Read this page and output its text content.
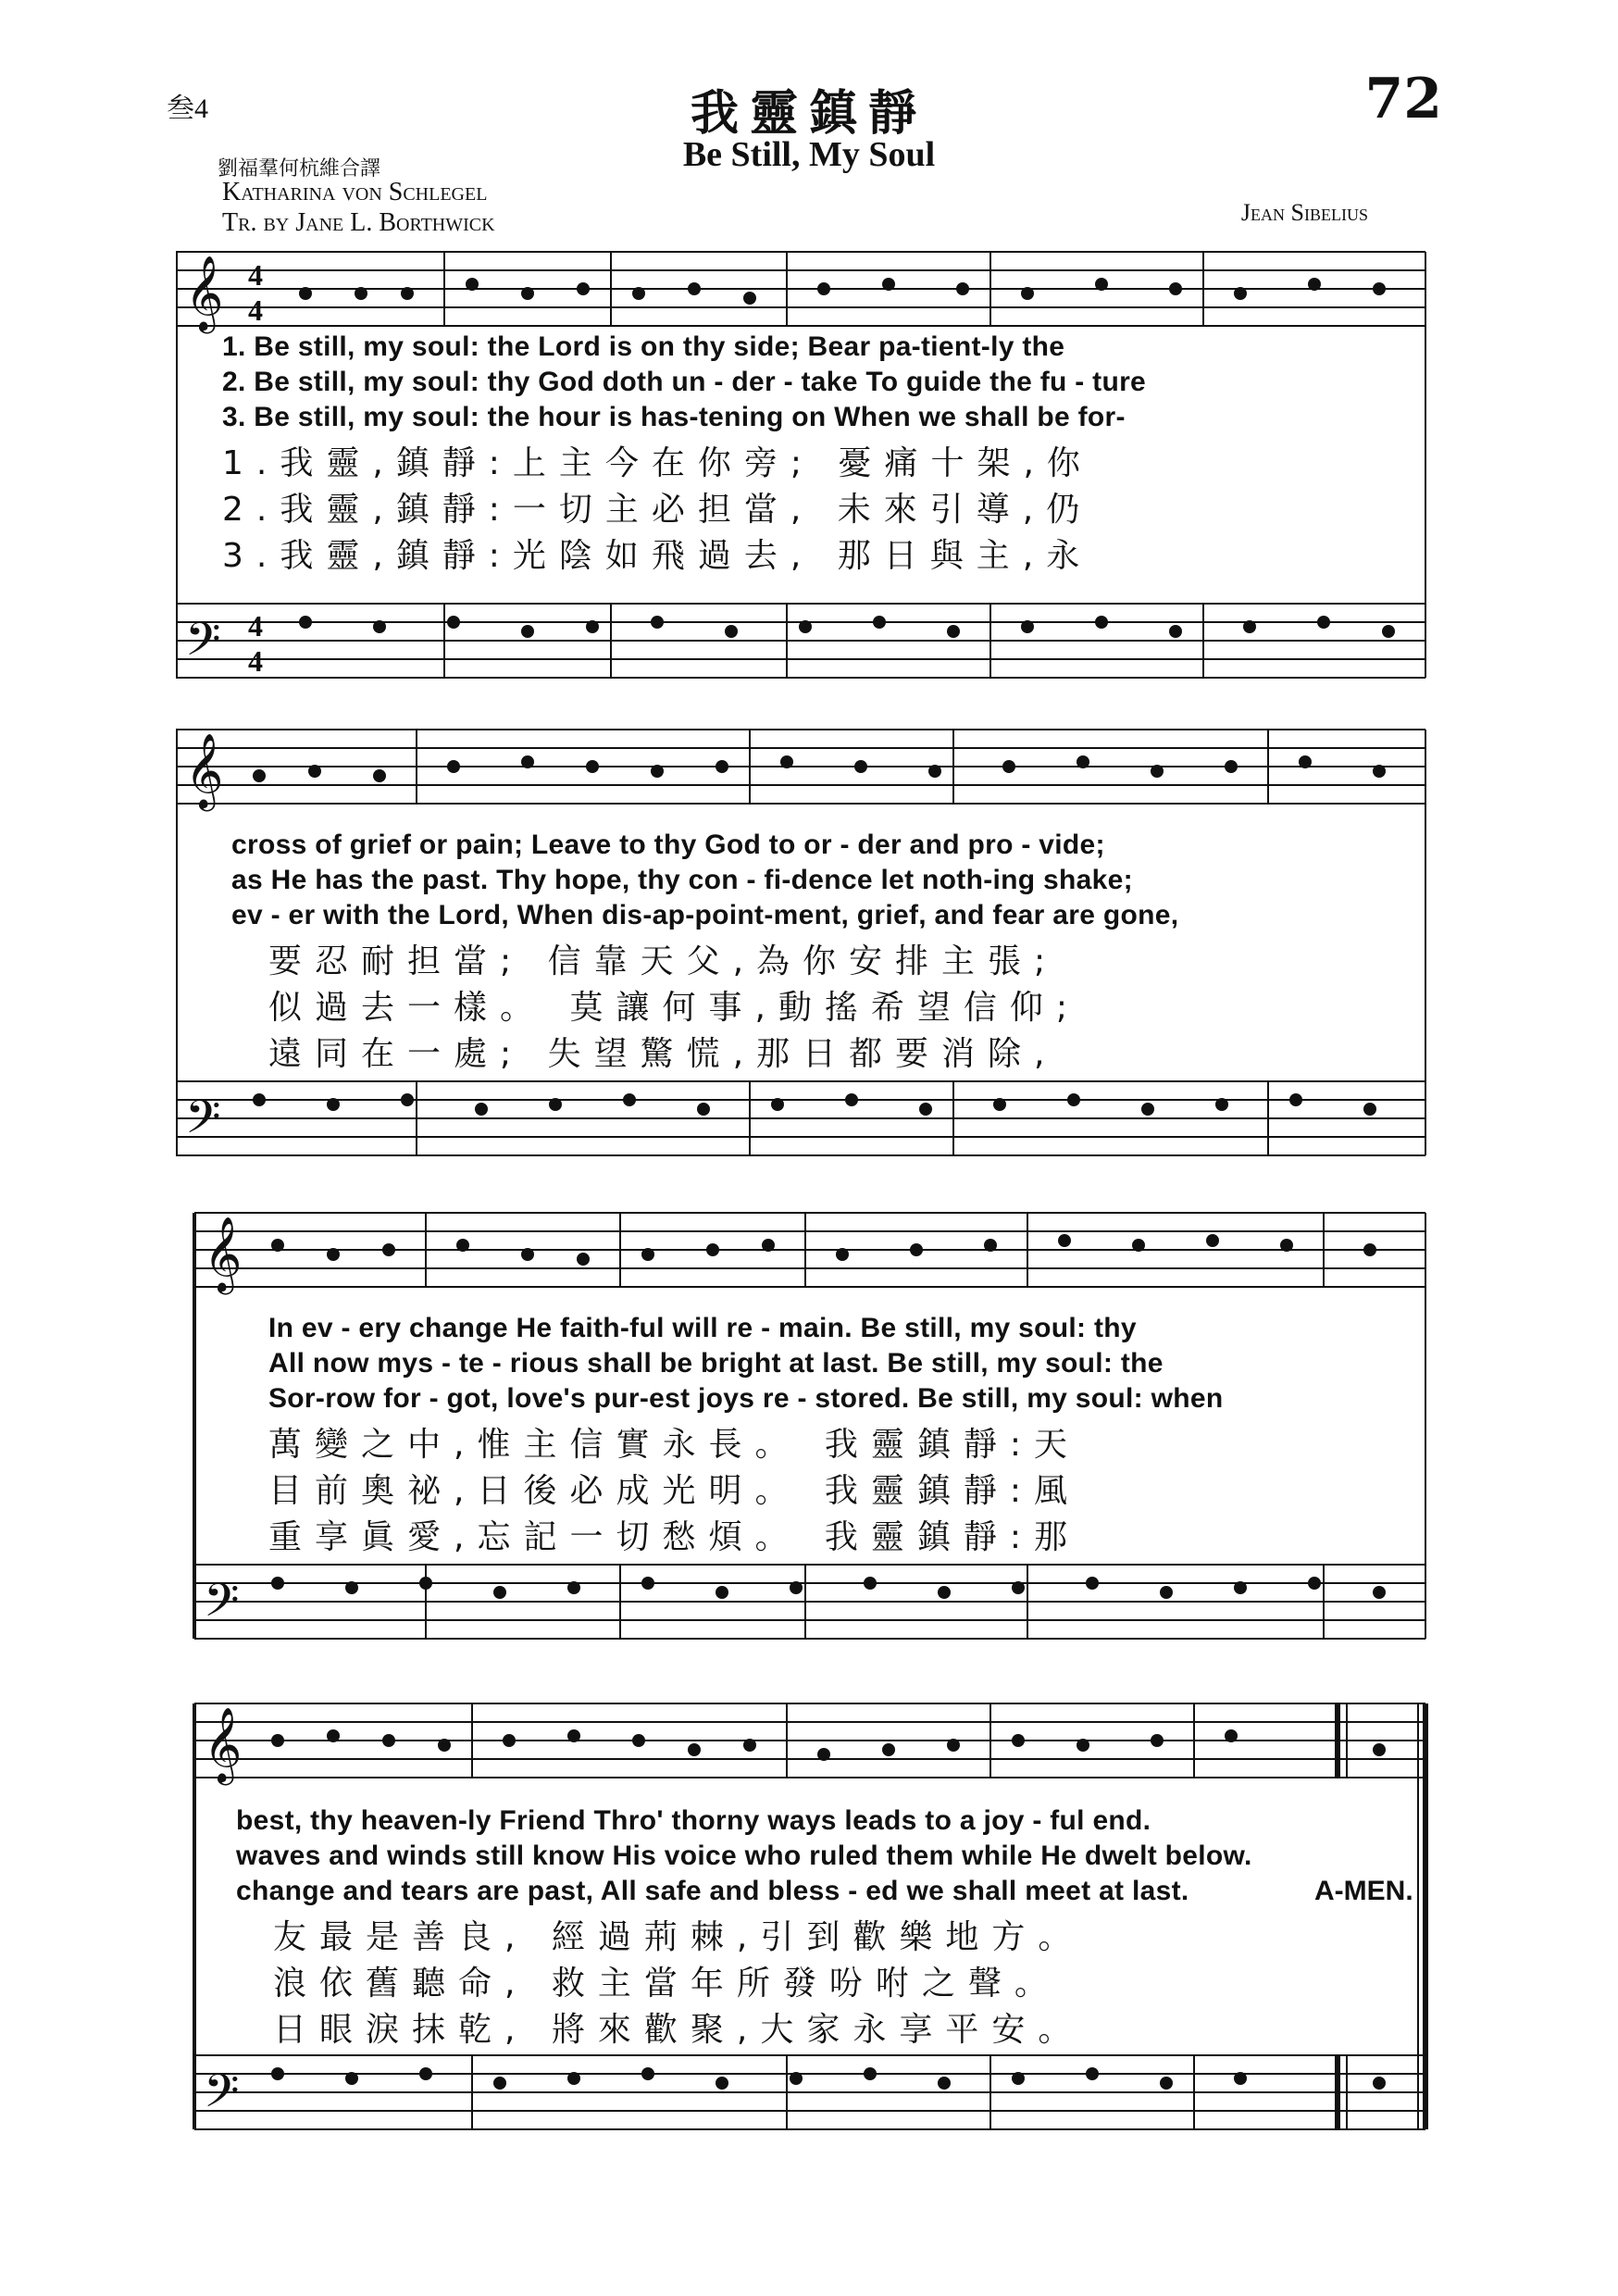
叁4	我靈鎮靜
Be Still, My Soul
72
劉福羣何杭維合譯
Katharina von Schlegel
Tr. by Jane L. Borthwick	Jean Sibelius
𝄞
𝄢
4
4
4
4
1. Be still, my soul: the Lord is on thy side; Bear pa-tient-ly the
2. Be still, my soul: thy God doth un - der - take To guide the fu - ture
3. Be still, my soul: the hour is has-tening on When we shall be for-
1.我靈,鎮靜:上主今在你旁; 憂痛十架,你
2.我靈,鎮靜:一切主必担當, 未來引導,仍
3.我靈,鎮靜:光陰如飛過去, 那日與主,永
𝄞
𝄢
cross of grief or pain; Leave to thy God to or - der and pro - vide;
as He has the past. Thy hope, thy con - fi-dence let noth-ing shake;
ev - er with the Lord, When dis-ap-point-ment, grief, and fear are gone,
要忍耐担當; 信靠天父,為你安排主張;
似過去一樣。 莫讓何事,動搖希望信仰;
遠同在一處; 失望驚慌,那日都要消除,
𝄞
𝄢
In ev - ery change He faith-ful will re - main. Be still, my soul: thy
All now mys - te - rious shall be bright at last. Be still, my soul: the
Sor-row for - got, love's pur-est joys re - stored. Be still, my soul: when
萬變之中,惟主信實永長。 我靈鎮靜:天
目前奧祕,日後必成光明。 我靈鎮靜:風
重享眞愛,忘記一切愁煩。 我靈鎮靜:那
𝄞
𝄢
best, thy heaven-ly Friend Thro' thorny ways leads to a joy - ful end.
waves and winds still know His voice who ruled them while He dwelt below.
change and tears are past, All safe and bless - ed we shall meet at last.	A-MEN.
友最是善良, 經過荊棘,引到歡樂地方。
浪依舊聽命, 救主當年所發吩咐之聲。
日眼淚抹乾, 將來歡聚,大家永享平安。
